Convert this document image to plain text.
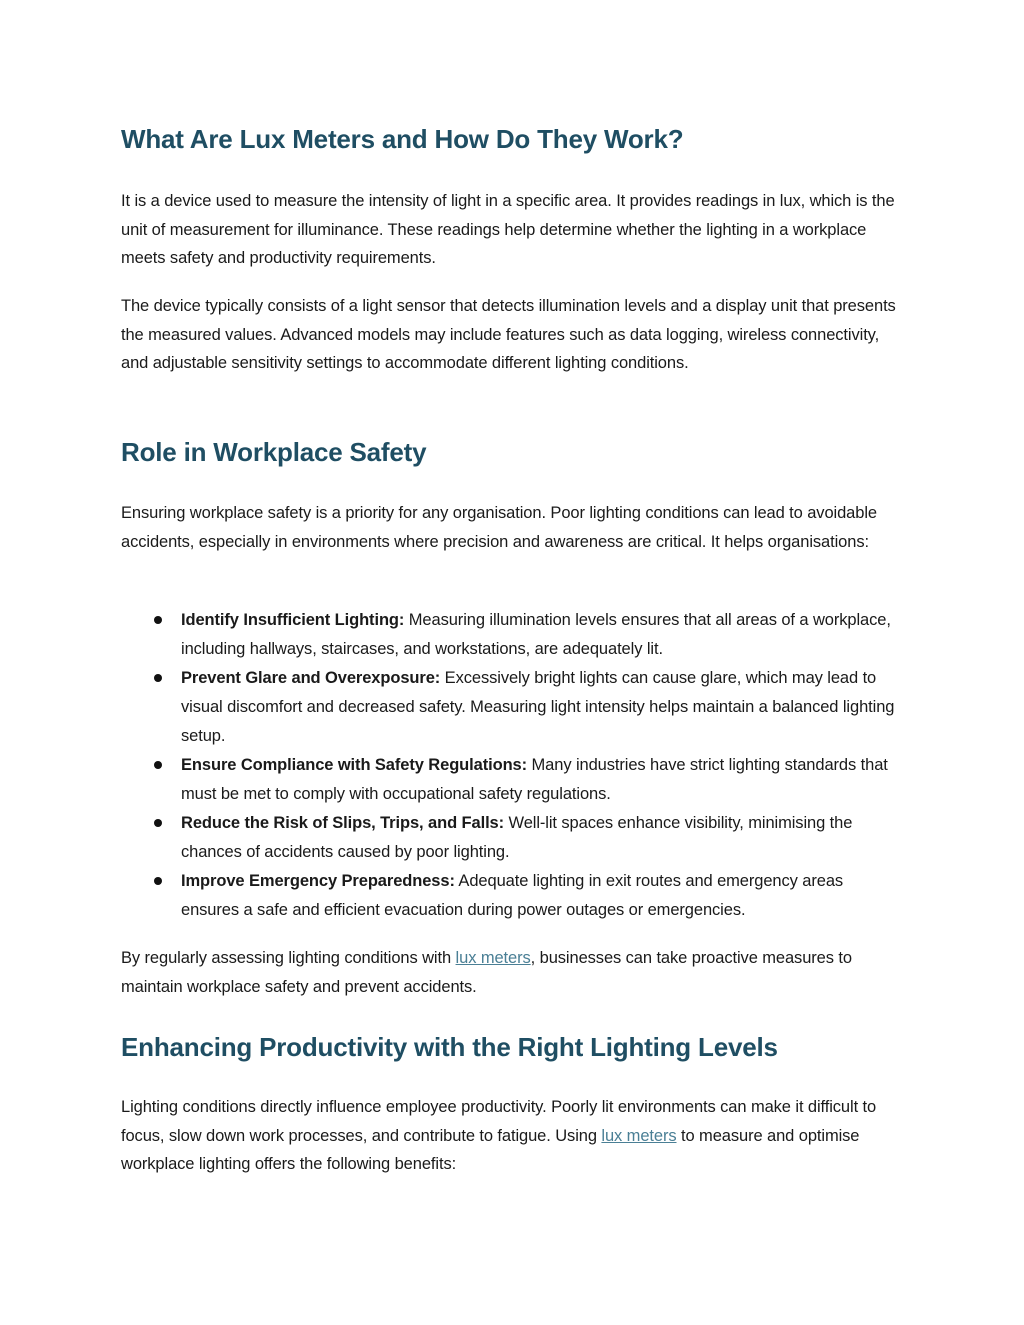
What Are Lux Meters and How Do They Work?

It is a device used to measure the intensity of light in a specific area. It provides readings in lux, which is the unit of measurement for illuminance. These readings help determine whether the lighting in a workplace meets safety and productivity requirements.

The device typically consists of a light sensor that detects illumination levels and a display unit that presents the measured values. Advanced models may include features such as data logging, wireless connectivity, and adjustable sensitivity settings to accommodate different lighting conditions.

Role in Workplace Safety

Ensuring workplace safety is a priority for any organisation. Poor lighting conditions can lead to avoidable accidents, especially in environments where precision and awareness are critical. It helps organisations:

Identify Insufficient Lighting: Measuring illumination levels ensures that all areas of a workplace, including hallways, staircases, and workstations, are adequately lit.
Prevent Glare and Overexposure: Excessively bright lights can cause glare, which may lead to visual discomfort and decreased safety. Measuring light intensity helps maintain a balanced lighting setup.
Ensure Compliance with Safety Regulations: Many industries have strict lighting standards that must be met to comply with occupational safety regulations.
Reduce the Risk of Slips, Trips, and Falls: Well-lit spaces enhance visibility, minimising the chances of accidents caused by poor lighting.
Improve Emergency Preparedness: Adequate lighting in exit routes and emergency areas ensures a safe and efficient evacuation during power outages or emergencies.

By regularly assessing lighting conditions with lux meters, businesses can take proactive measures to maintain workplace safety and prevent accidents.

Enhancing Productivity with the Right Lighting Levels

Lighting conditions directly influence employee productivity. Poorly lit environments can make it difficult to focus, slow down work processes, and contribute to fatigue. Using lux meters to measure and optimise workplace lighting offers the following benefits:
